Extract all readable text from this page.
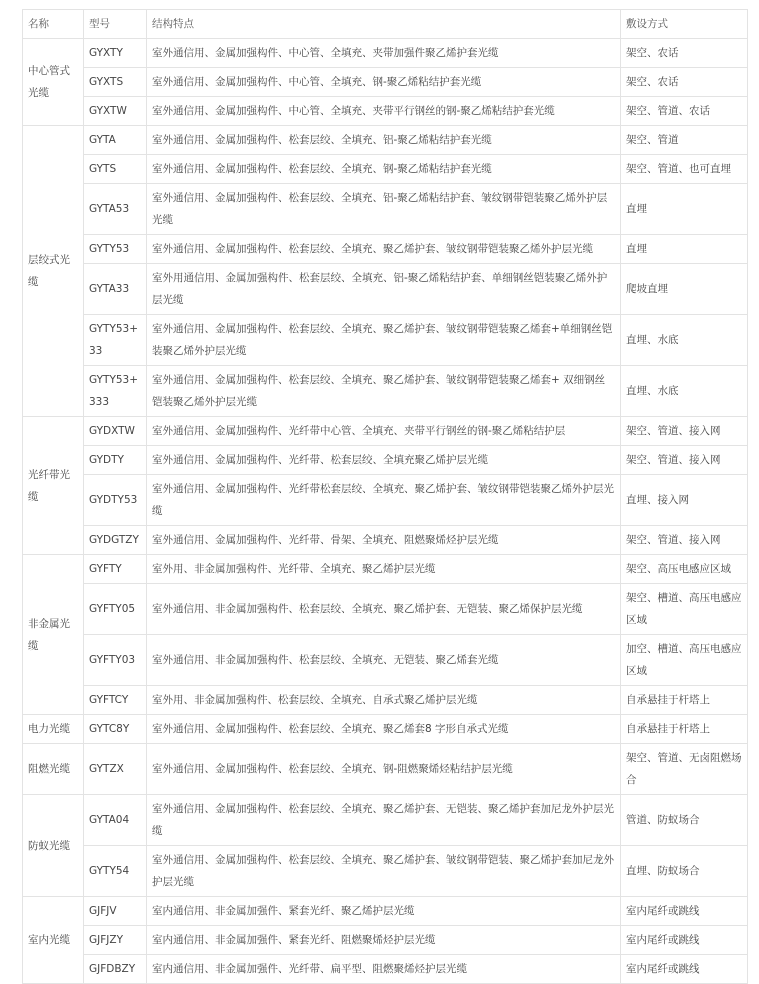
名称	型号	结构特点	敷设方式
中心管式光缆	GYXTY	室外通信用、金属加强构件、中心管、全填充、夹带加强件聚乙烯护套光缆	架空、农话
	GYXTS	室外通信用、金属加强构件、中心管、全填充、钢-聚乙烯粘结护套光缆	架空、农话
	GYXTW	室外通信用、金属加强构件、中心管、全填充、夹带平行钢丝的钢-聚乙烯粘结护套光缆	架空、管道、农话
层绞式光缆	GYTA	室外通信用、金属加强构件、松套层绞、全填充、铝-聚乙烯粘结护套光缆	架空、管道
	GYTS	室外通信用、金属加强构件、松套层绞、全填充、钢-聚乙烯粘结护套光缆	架空、管道、也可直埋
	GYTA53	室外通信用、金属加强构件、松套层绞、全填充、铝-聚乙烯粘结护套、皱纹钢带铠装聚乙烯外护层光缆	直埋
	GYTY53	室外通信用、金属加强构件、松套层绞、全填充、聚乙烯护套、皱纹钢带铠装聚乙烯外护层光缆	直埋
	GYTA33	室外用通信用、金属加强构件、松套层绞、全填充、铝-聚乙烯粘结护套、单细钢丝铠装聚乙烯外护层光缆	爬坡直埋
	GYTY53+33	室外通信用、金属加强构件、松套层绞、全填充、聚乙烯护套、皱纹钢带铠装聚乙烯套+单细钢丝铠装聚乙烯外护层光缆	直埋、水底
	GYTY53+333	室外通信用、金属加强构件、松套层绞、全填充、聚乙烯护套、皱纹钢带铠装聚乙烯套+ 双细钢丝铠装聚乙烯外护层光缆	直埋、水底
光纤带光缆	GYDXTW	室外通信用、金属加强构件、光纤带中心管、全填充、夹带平行钢丝的钢-聚乙烯粘结护层	架空、管道、接入网
	GYDTY	室外通信用、金属加强构件、光纤带、松套层绞、全填充聚乙烯护层光缆	架空、管道、接入网
	GYDTY53	室外通信用、金属加强构件、光纤带松套层绞、全填充、聚乙烯护套、皱纹钢带铠装聚乙烯外护层光缆	直埋、接入网
	GYDGTZY	室外通信用、金属加强构件、光纤带、骨架、全填充、阻燃聚烯烃护层光缆	架空、管道、接入网
非金属光缆	GYFTY	室外用、非金属加强构件、光纤带、全填充、聚乙烯护层光缆	架空、高压电感应区域
	GYFTY05	室外通信用、非金属加强构件、松套层绞、全填充、聚乙烯护套、无铠装、聚乙烯保护层光缆	架空、槽道、高压电感应区域
	GYFTY03	室外通信用、非金属加强构件、松套层绞、全填充、无铠装、聚乙烯套光缆	加空、槽道、高压电感应区域
	GYFTCY	室外用、非金属加强构件、松套层绞、全填充、自承式聚乙烯护层光缆	自承悬挂于杆塔上
电力光缆	GYTC8Y	室外通信用、金属加强构件、松套层绞、全填充、聚乙烯套8 字形自承式光缆	自承悬挂于杆塔上
阻燃光缆	GYTZX	室外通信用、金属加强构件、松套层绞、全填充、钢-阻燃聚烯烃粘结护层光缆	架空、管道、无卤阻燃场合
防蚁光缆	GYTA04	室外通信用、金属加强构件、松套层绞、全填充、聚乙烯护套、无铠装、聚乙烯护套加尼龙外护层光缆	管道、防蚁场合
	GYTY54	室外通信用、金属加强构件、松套层绞、全填充、聚乙烯护套、皱纹钢带铠装、聚乙烯护套加尼龙外护层光缆	直埋、防蚁场合
室内光缆	GJFJV	室内通信用、非金属加强件、紧套光纤、聚乙烯护层光缆	室内尾纤或跳线
	GJFJZY	室内通信用、非金属加强件、紧套光纤、阻燃聚烯烃护层光缆	室内尾纤或跳线
	GJFDBZY	室内通信用、非金属加强件、光纤带、扁平型、阻燃聚烯烃护层光缆	室内尾纤或跳线
